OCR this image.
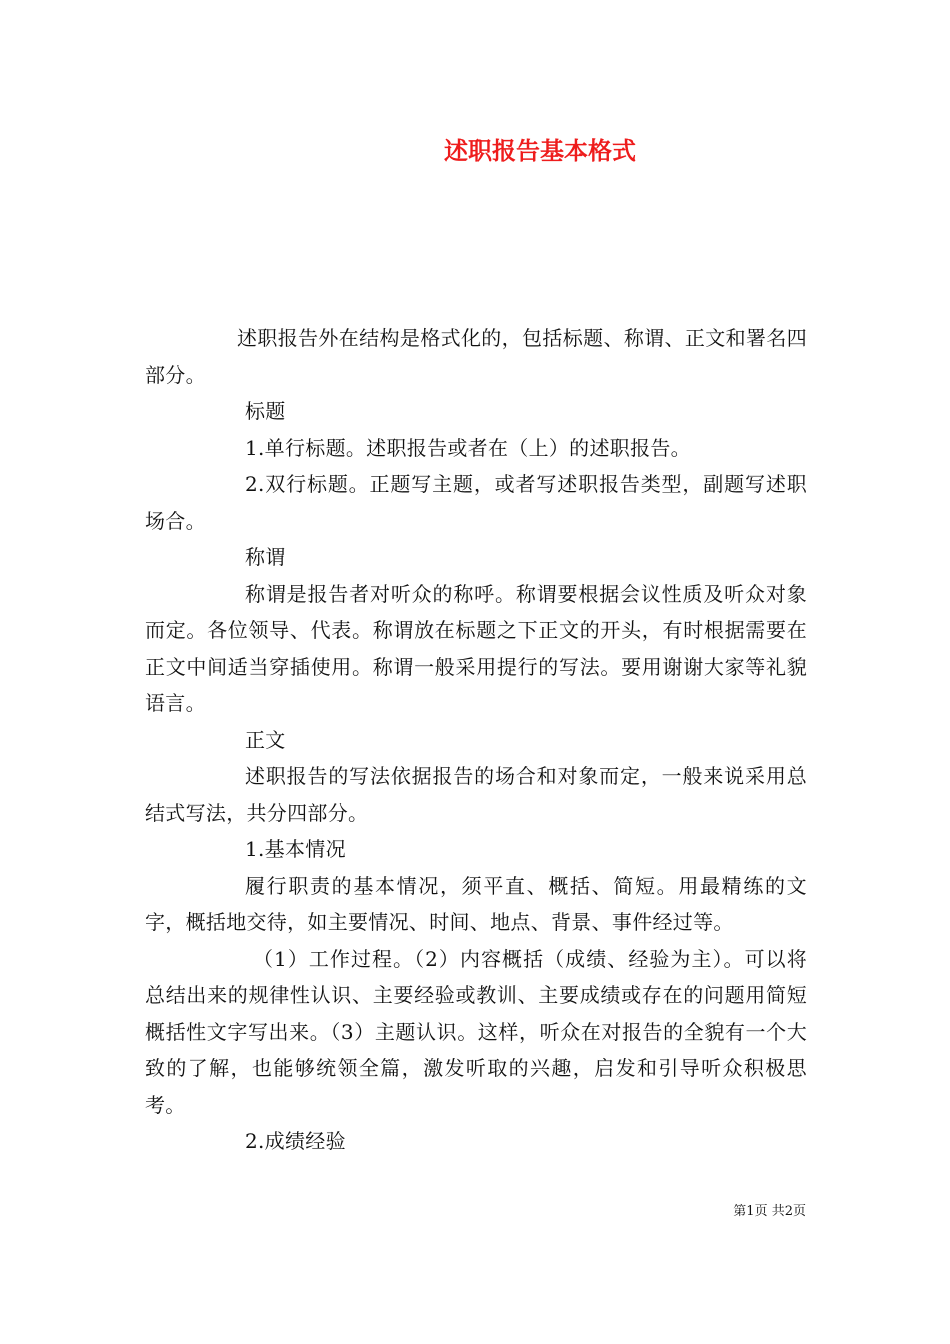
述职报告基本格式

述职报告外在结构是格式化的，包括标题、称谓、正文和署名四部分。

标题

1.单行标题。述职报告或者在（上）的述职报告。

2.双行标题。正题写主题，或者写述职报告类型，副题写述职场合。

称谓

称谓是报告者对听众的称呼。称谓要根据会议性质及听众对象而定。各位领导、代表。称谓放在标题之下正文的开头，有时根据需要在正文中间适当穿插使用。称谓一般采用提行的写法。要用谢谢大家等礼貌语言。

正文

述职报告的写法依据报告的场合和对象而定，一般来说采用总结式写法，共分四部分。

1.基本情况

履行职责的基本情况，须平直、概括、简短。用最精练的文字，概括地交待，如主要情况、时间、地点、背景、事件经过等。

（1）工作过程。（2）内容概括（成绩、经验为主）。可以将总结出来的规律性认识、主要经验或教训、主要成绩或存在的问题用简短概括性文字写出来。（3）主题认识。这样，听众在对报告的全貌有一个大致的了解，也能够统领全篇，激发听取的兴趣，启发和引导听众积极思考。

2.成绩经验

第1页 共2页
